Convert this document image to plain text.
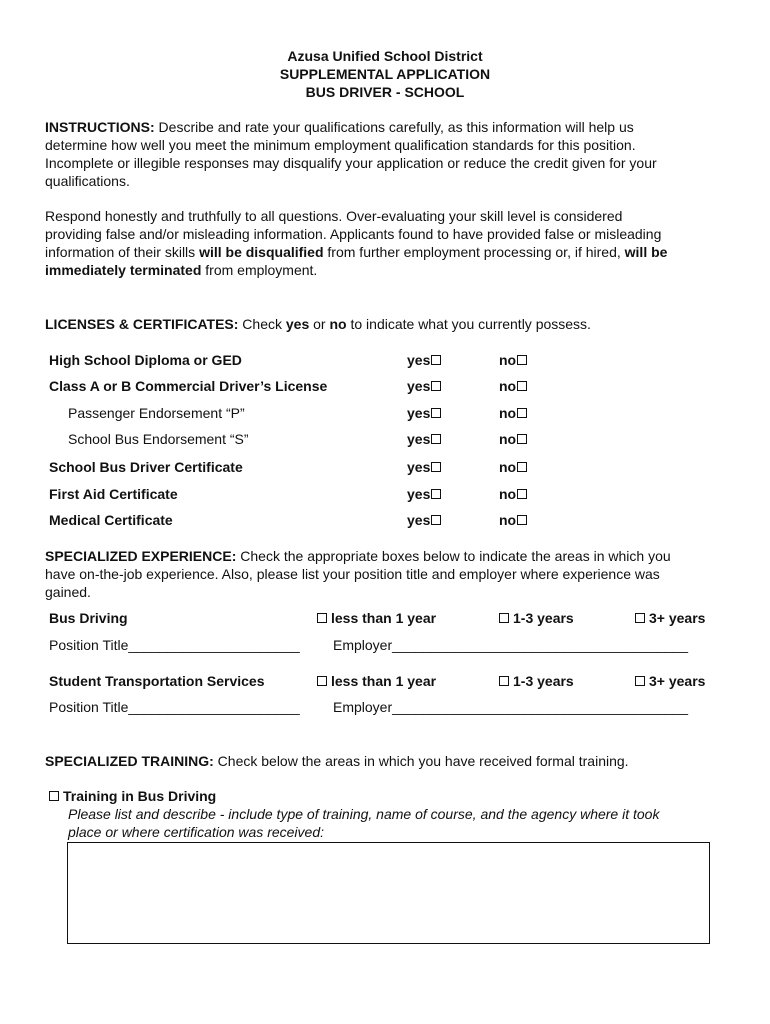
Azusa Unified School District
SUPPLEMENTAL APPLICATION
BUS DRIVER - SCHOOL
INSTRUCTIONS: Describe and rate your qualifications carefully, as this information will help us
determine how well you meet the minimum employment qualification standards for this position.
Incomplete or illegible responses may disqualify your application or reduce the credit given for your
qualifications.
Respond honestly and truthfully to all questions. Over-evaluating your skill level is considered
providing false and/or misleading information. Applicants found to have provided false or misleading
information of their skills will be disqualified from further employment processing or, if hired, will be
immediately terminated from employment.
LICENSES & CERTIFICATES: Check yes or no to indicate what you currently possess.
High School Diploma or GED	yes	no
Class A or B Commercial Driver’s License	yes	no
Passenger Endorsement “P”	yes	no
School Bus Endorsement “S”	yes	no
School Bus Driver Certificate	yes	no
First Aid Certificate	yes	no
Medical Certificate	yes	no
SPECIALIZED EXPERIENCE: Check the appropriate boxes below to indicate the areas in which you
have on-the-job experience. Also, please list your position title and employer where experience was
gained.
Bus Driving	less than 1 year	1-3 years	3+ years
Position Title______________________ Employer______________________________________
Student Transportation Services	less than 1 year	1-3 years	3+ years
Position Title______________________ Employer______________________________________
SPECIALIZED TRAINING: Check below the areas in which you have received formal training.
Training in Bus Driving
Please list and describe - include type of training, name of course, and the agency where it took
place or where certification was received:
